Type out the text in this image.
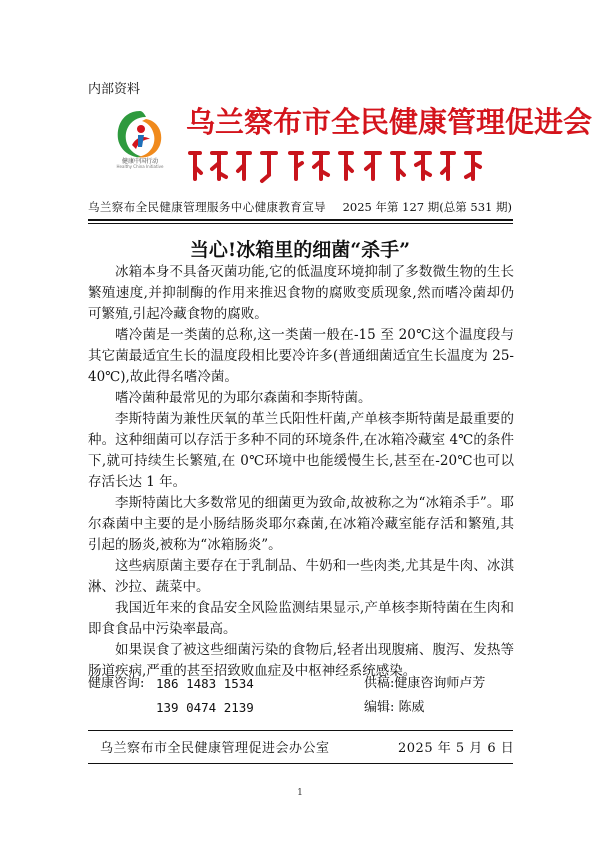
内部资料
健康中国行动
Healthy China Initiative
乌兰察布市全民健康管理促进会
乌兰察布全民健康管理服务中心健康教育宣导 2025 年第 127 期(总第 531 期)
当心!冰箱里的细菌“杀手”

冰箱本身不具备灭菌功能,它的低温度环境抑制了多数微生物的生长繁殖速度,并抑制酶的作用来推迟食物的腐败变质现象,然而嗜冷菌却仍可繁殖,引起冷藏食物的腐败。

嗜冷菌是一类菌的总称,这一类菌一般在-15 至 20℃这个温度段与其它菌最适宜生长的温度段相比要冷许多(普通细菌适宜生长温度为 25-40℃),故此得名嗜冷菌。

嗜冷菌种最常见的为耶尔森菌和李斯特菌。

李斯特菌为兼性厌氧的革兰氏阳性杆菌,产单核李斯特菌是最重要的种。这种细菌可以存活于多种不同的环境条件,在冰箱冷藏室 4℃的条件下,就可持续生长繁殖,在 0℃环境中也能缓慢生长,甚至在-20℃也可以存活长达 1 年。

李斯特菌比大多数常见的细菌更为致命,故被称之为“冰箱杀手”。耶尔森菌中主要的是小肠结肠炎耶尔森菌,在冰箱冷藏室能存活和繁殖,其引起的肠炎,被称为“冰箱肠炎”。

这些病原菌主要存在于乳制品、牛奶和一些肉类,尤其是牛肉、冰淇淋、沙拉、蔬菜中。

我国近年来的食品安全风险监测结果显示,产单核李斯特菌在生肉和即食食品中污染率最高。

如果误食了被这些细菌污染的食物后,轻者出现腹痛、腹泻、发热等肠道疾病,严重的甚至招致败血症及中枢神经系统感染。

健康咨询: 186 1483 1534	供稿:健康咨询师卢芳
139 0474 2139	编辑: 陈威
乌兰察布市全民健康管理促进会办公室	2025 年 5 月 6 日
1
